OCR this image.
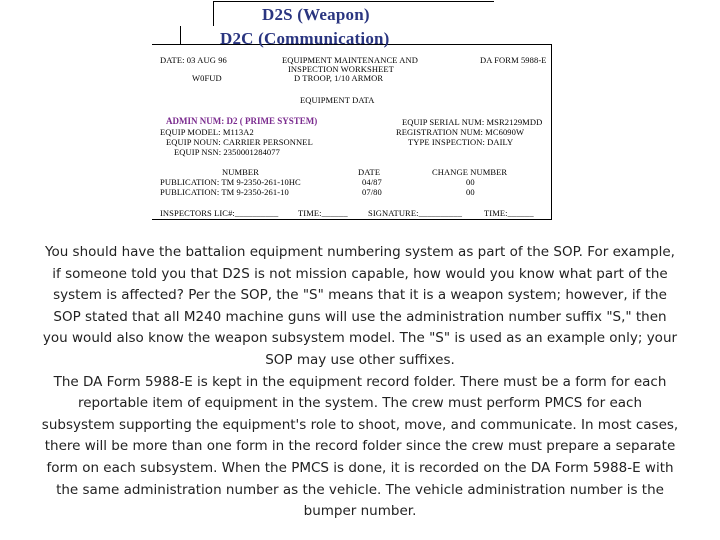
D2S (Weapon)
D2C (Communication)
DATE: 03 AUG 96	EQUIPMENT MAINTENANCE AND
INSPECTION WORKSHEET
DA FORM 5988-E
W0FUD	D TROOP, 1/10 ARMOR
EQUIPMENT DATA
ADMIN NUM: D2 ( PRIME SYSTEM)	EQUIP SERIAL NUM: MSR2129MDD
EQUIP MODEL: M113A2	REGISTRATION NUM: MC6090W
EQUIP NOUN: CARRIER PERSONNEL	TYPE INSPECTION: DAILY
EQUIP NSN: 2350001284077
NUMBER	DATE	CHANGE NUMBER
PUBLICATION: TM 9-2350-261-10HC	04/87	00
PUBLICATION: TM 9-2350-261-10	07/80	00
INSPECTORS LIC#:__________ TIME:______ SIGNATURE:__________	TIME:______

You should have the battalion equipment numbering system as part of the SOP. For example, if someone told you that D2S is not mission capable, how would you know what part of the system is affected? Per the SOP, the "S" means that it is a weapon system; however, if the SOP stated that all M240 machine guns will use the administration number suffix "S," then you would also know the weapon subsystem model. The "S" is used as an example only; your SOP may use other suffixes.

The DA Form 5988-E is kept in the equipment record folder. There must be a form for each reportable item of equipment in the system. The crew must perform PMCS for each subsystem supporting the equipment's role to shoot, move, and communicate. In most cases, there will be more than one form in the record folder since the crew must prepare a separate form on each subsystem. When the PMCS is done, it is recorded on the DA Form 5988-E with the same administration number as the vehicle. The vehicle administration number is the bumper number.
